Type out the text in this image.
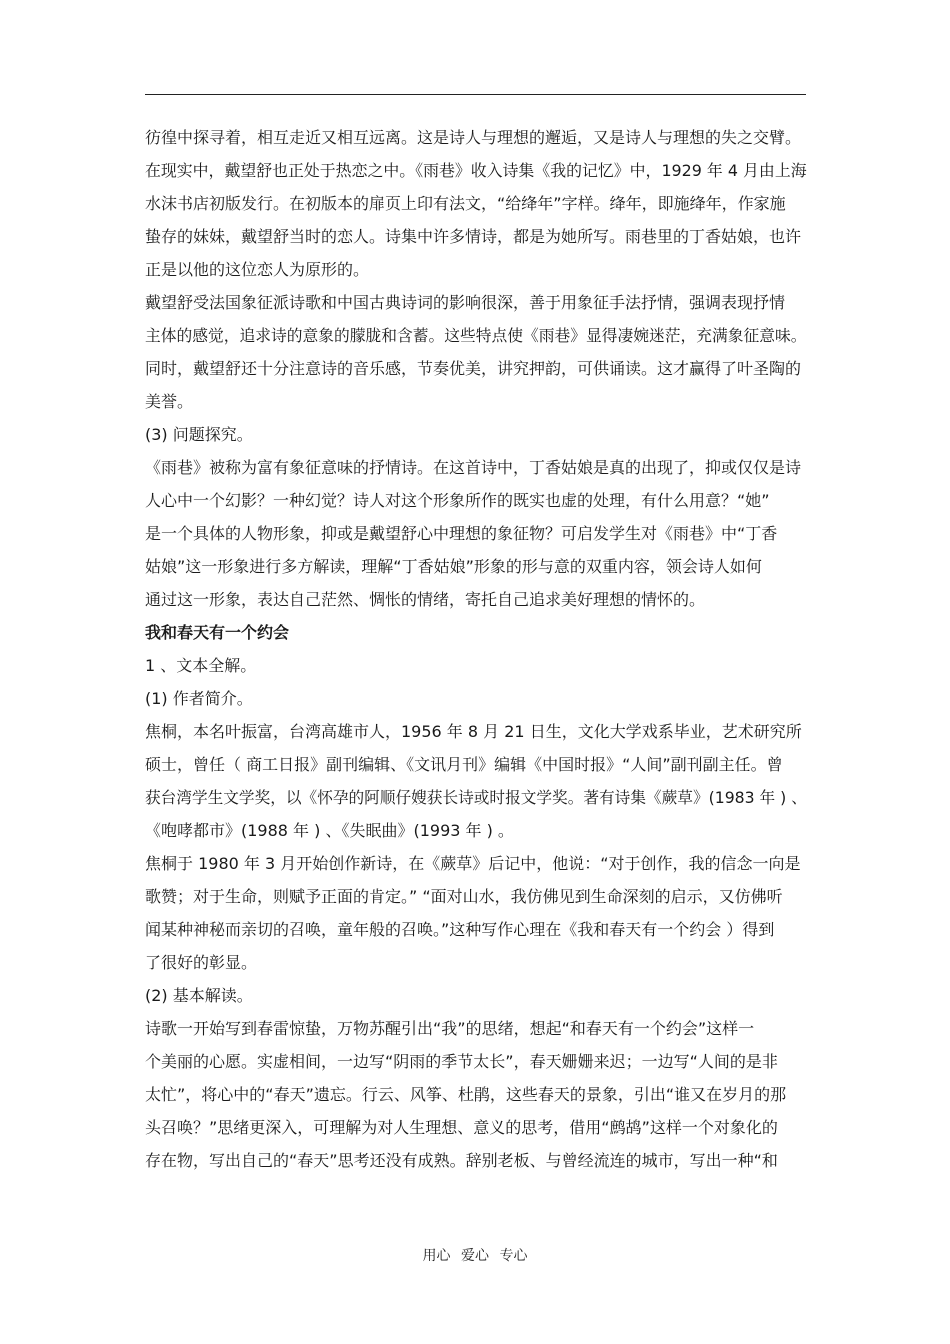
彷徨中探寻着，相互走近又相互远离。这是诗人与理想的邂逅，又是诗人与理想的失之交臂。
在现实中，戴望舒也正处于热恋之中。《雨巷》收入诗集《我的记忆》中，1929 年 4 月由上海
水沫书店初版发行。在初版本的扉页上印有法文，“给绛年”字样。绛年，即施绛年，作家施
蛰存的妹妹，戴望舒当时的恋人。诗集中许多情诗，都是为她所写。雨巷里的丁香姑娘，也许
正是以他的这位恋人为原形的。
戴望舒受法国象征派诗歌和中国古典诗词的影响很深，善于用象征手法抒情，强调表现抒情
主体的感觉，追求诗的意象的朦胧和含蓄。这些特点使《雨巷》显得凄婉迷茫，充满象征意味。
同时，戴望舒还十分注意诗的音乐感，节奏优美，讲究押韵，可供诵读。这才赢得了叶圣陶的
美誉。
(3) 问题探究。
《雨巷》被称为富有象征意味的抒情诗。在这首诗中，丁香姑娘是真的出现了，抑或仅仅是诗
人心中一个幻影？一种幻觉？诗人对这个形象所作的既实也虚的处理，有什么用意？“她”
是一个具体的人物形象，抑或是戴望舒心中理想的象征物？可启发学生对《雨巷》中“丁香
姑娘”这一形象进行多方解读，理解“丁香姑娘”形象的形与意的双重内容，领会诗人如何
通过这一形象，表达自己茫然、惆怅的情绪，寄托自己追求美好理想的情怀的。
我和春天有一个约会
1 、文本全解。
(1) 作者简介。
焦桐，本名叶振富，台湾高雄市人，1956 年 8 月 21 日生，文化大学戏系毕业，艺术研究所
硕士，曾任（ 商工日报》副刊编辑、《文讯月刊》编辑《中国时报》“人间”副刊副主任。曾
获台湾学生文学奖，以《怀孕的阿顺仔嫂获长诗或时报文学奖。著有诗集《蕨草》(1983 年 ) 、
《咆哮都市》(1988 年 ) 、《失眠曲》(1993 年 ) 。
焦桐于 1980 年 3 月开始创作新诗，在《蕨草》后记中，他说：“对于创作，我的信念一向是
歌赞；对于生命，则赋予正面的肯定。” “面对山水，我仿佛见到生命深刻的启示，又仿佛听
闻某种神秘而亲切的召唤，童年般的召唤。”这种写作心理在《我和春天有一个约会 ）得到
了很好的彰显。
(2) 基本解读。
诗歌一开始写到春雷惊蛰，万物苏醒引出“我”的思绪，想起“和春天有一个约会”这样一
个美丽的心愿。实虚相间，一边写“阴雨的季节太长”，春天姗姗来迟；一边写“人间的是非
太忙”，将心中的“春天”遗忘。行云、风筝、杜鹃，这些春天的景象，引出“谁又在岁月的那
头召唤？”思绪更深入，可理解为对人生理想、意义的思考，借用“鹧鸪”这样一个对象化的
存在物，写出自己的“春天”思考还没有成熟。辞别老板、与曾经流连的城市，写出一种“和
用心 爱心 专心
